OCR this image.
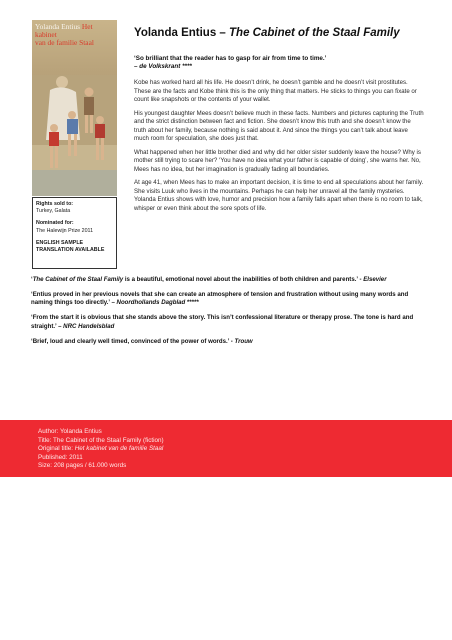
Yolanda Entius Het kabinet
van de familie Staal
Rights sold to:
Turkey, Galata
Nominated for:
The Halewijn Prize 2011
ENGLISH SAMPLE
TRANSLATION AVAILABLE
Yolanda Entius – The Cabinet of the Staal Family

‘So brilliant that the reader has to gasp for air from time to time.’
– de Volkskrant ****

Kobe has worked hard all his life. He doesn’t drink, he doesn’t gamble and he doesn’t visit prostitutes. These are the facts and Kobe think this is the only thing that matters. He sticks to things you can fixate or count like snapshots or the contents of your wallet.

His youngest daughter Mees doesn’t believe much in these facts. Numbers and pictures capturing the Truth and the strict distinction between fact and fiction. She doesn’t know this truth and she doesn’t know the truth about her family, because nothing is said about it. And since the things you can’t talk about leave much room for speculation, she does just that.

What happened when her little brother died and why did her older sister suddenly leave the house? Why is mother still trying to scare her? ‘You have no idea what your father is capable of doing’, she warns her. No, Mees has no idea, but her imagination is gradually fading all boundaries.

At age 41, when Mees has to make an important decision, it is time to end all speculations about her family. She visits Luuk who lives in the mountains. Perhaps he can help her unravel all the family mysteries. Yolanda Entius shows with love, humor and precision how a family falls apart when there is no room to talk, whisper or even think about the sore spots of life.

‘The Cabinet of the Staal Family is a beautiful, emotional novel about the inabilities of both children and parents.’ - Elsevier

‘Entius proved in her previous novels that she can create an atmosphere of tension and frustration without using many words and naming things too directly.’ – Noordhollands Dagblad *****

‘From the start it is obvious that she stands above the story. This isn’t confessional literature or therapy prose. The tone is hard and straight.’ – NRC Handelsblad

‘Brief, loud and clearly well timed, convinced of the power of words.’ - Trouw

Author: Yolanda Entius
Title: The Cabinet of the Staal Family (fiction)
Original title: Het kabinet van de familie Staal
Published: 2011
Size: 208 pages / 61.000 words
